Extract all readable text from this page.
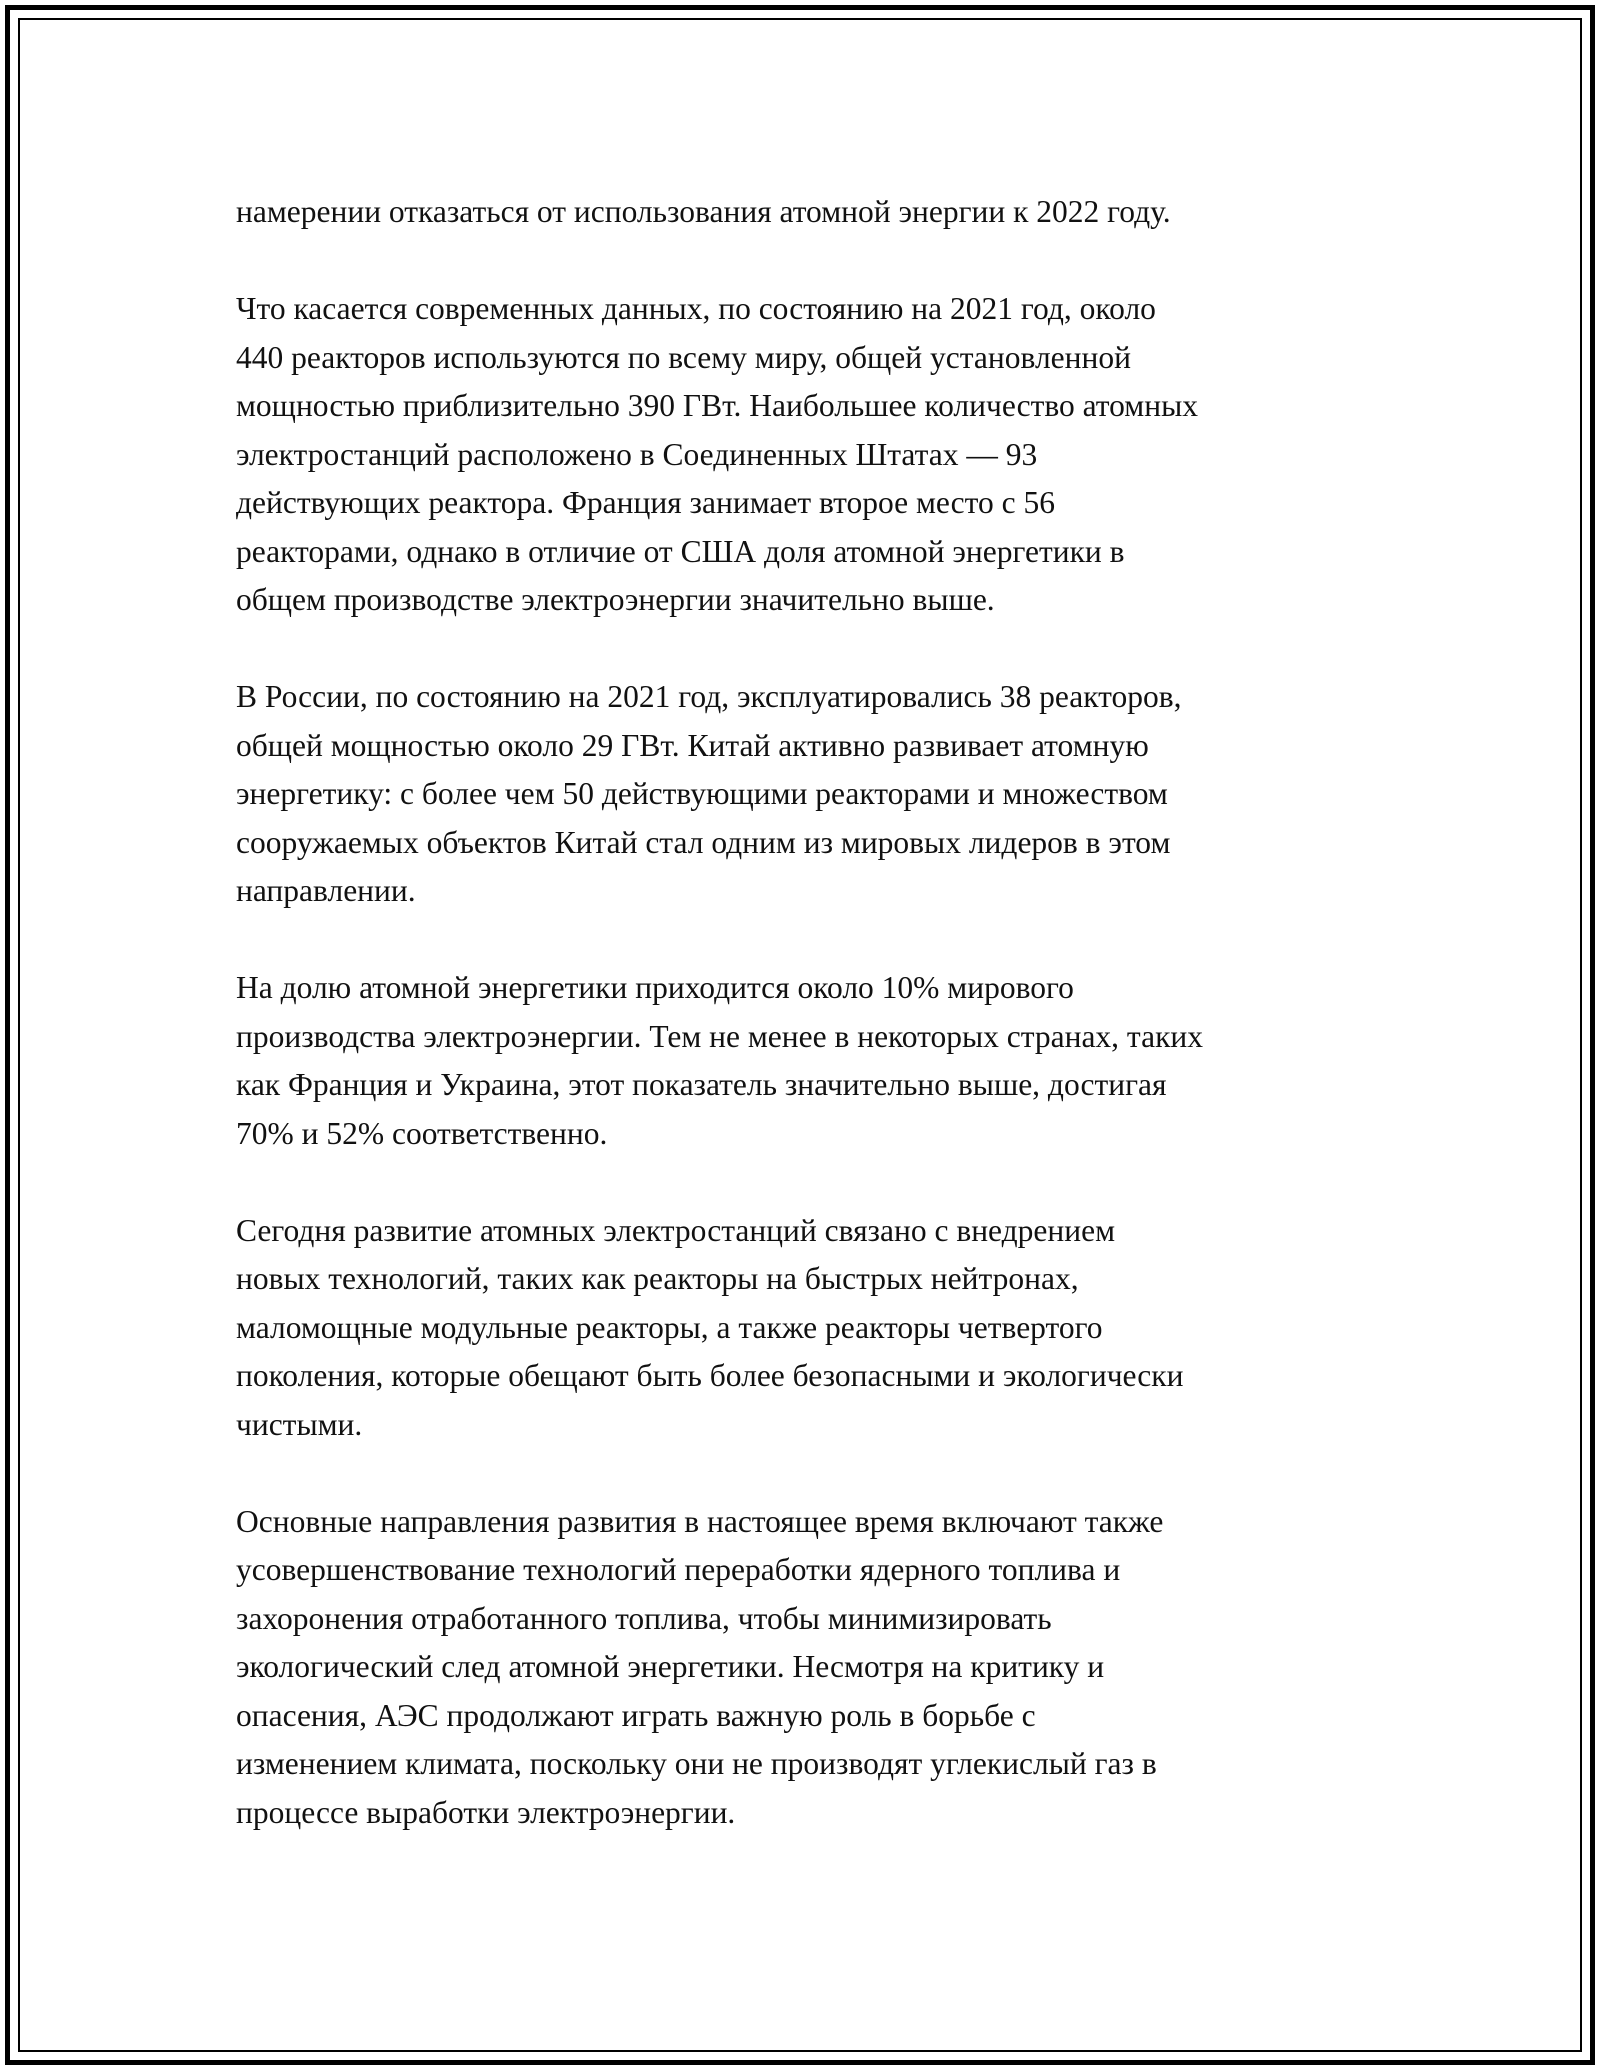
намерении отказаться от использования атомной энергии к 2022 году.

Что касается современных данных, по состоянию на 2021 год, около
440 реакторов используются по всему миру, общей установленной
мощностью приблизительно 390 ГВт. Наибольшее количество атомных
электростанций расположено в Соединенных Штатах — 93
действующих реактора. Франция занимает второе место с 56
реакторами, однако в отличие от США доля атомной энергетики в
общем производстве электроэнергии значительно выше.

В России, по состоянию на 2021 год, эксплуатировались 38 реакторов,
общей мощностью около 29 ГВт. Китай активно развивает атомную
энергетику: с более чем 50 действующими реакторами и множеством
сооружаемых объектов Китай стал одним из мировых лидеров в этом
направлении.

На долю атомной энергетики приходится около 10% мирового
производства электроэнергии. Тем не менее в некоторых странах, таких
как Франция и Украина, этот показатель значительно выше, достигая
70% и 52% соответственно.

Сегодня развитие атомных электростанций связано с внедрением
новых технологий, таких как реакторы на быстрых нейтронах,
маломощные модульные реакторы, а также реакторы четвертого
поколения, которые обещают быть более безопасными и экологически
чистыми.

Основные направления развития в настоящее время включают также
усовершенствование технологий переработки ядерного топлива и
захоронения отработанного топлива, чтобы минимизировать
экологический след атомной энергетики. Несмотря на критику и
опасения, АЭС продолжают играть важную роль в борьбе с
изменением климата, поскольку они не производят углекислый газ в
процессе выработки электроэнергии.
